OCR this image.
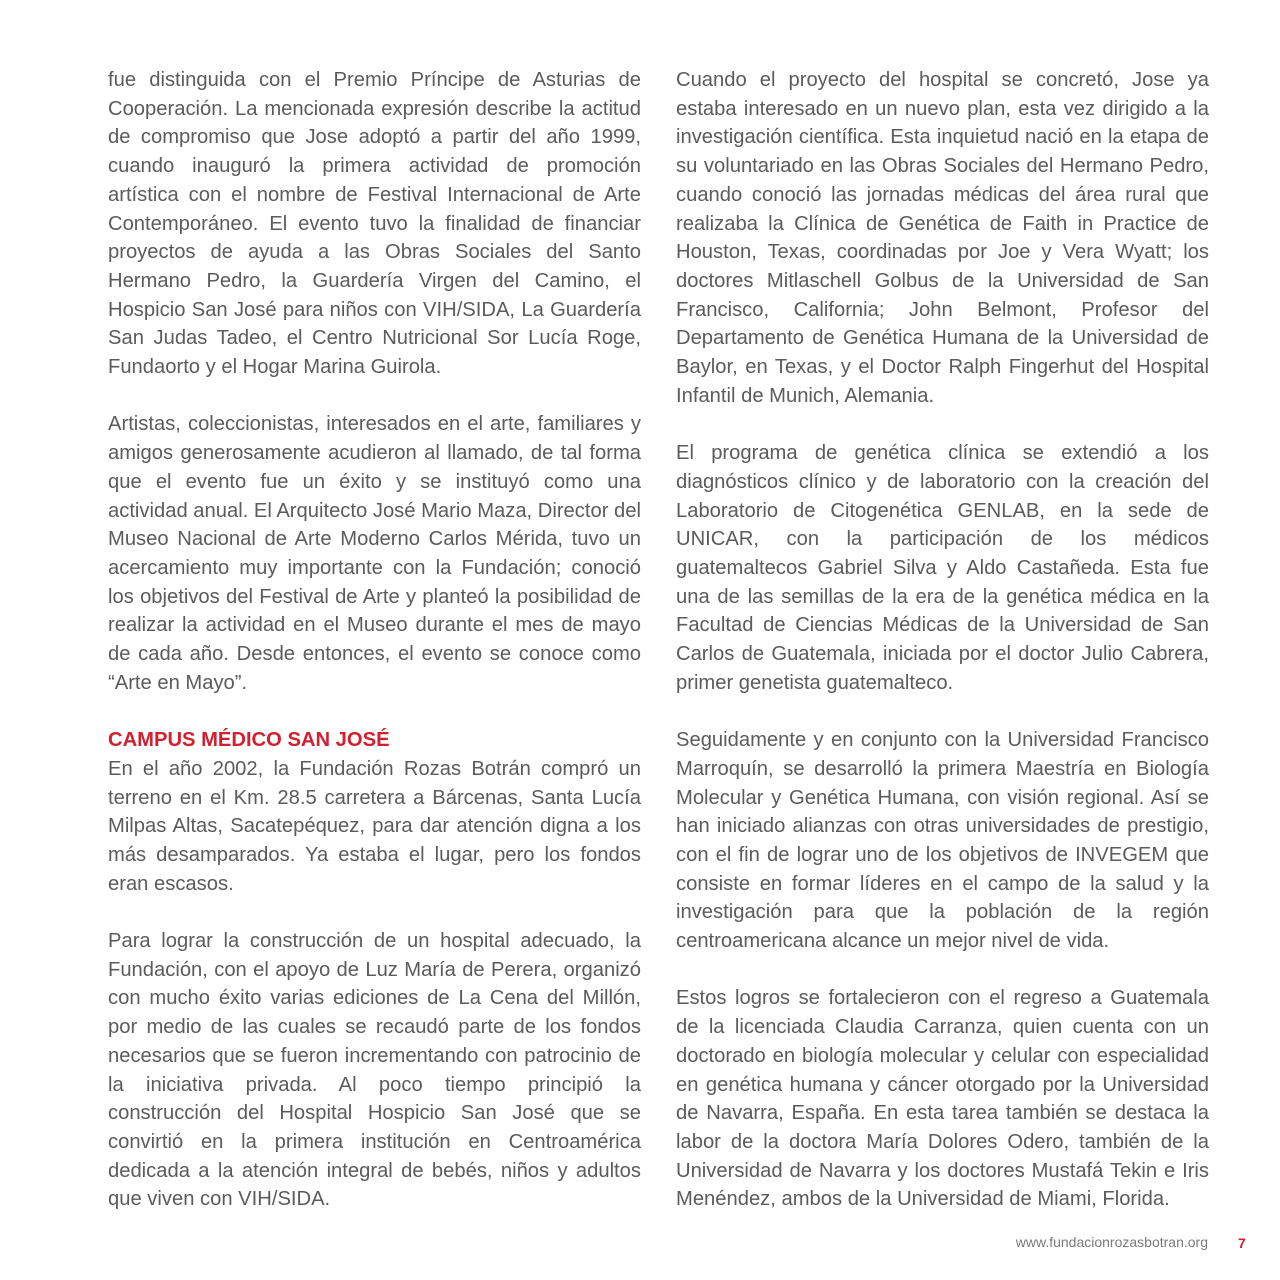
fue distinguida con el Premio Príncipe de Asturias de Cooperación. La mencionada expresión describe la actitud de compromiso que Jose adoptó a partir del año 1999, cuando inauguró la primera actividad de promoción artística con el nombre de Festival Internacional de Arte Contemporáneo. El evento tuvo la finalidad de financiar proyectos de ayuda a las Obras Sociales del Santo Hermano Pedro, la Guardería Virgen del Camino, el Hospicio San José para niños con VIH/SIDA, La Guardería San Judas Tadeo, el Centro Nutricional Sor Lucía Roge, Fundaorto y el Hogar Marina Guirola.

Artistas, coleccionistas, interesados en el arte, familiares y amigos generosamente acudieron al llamado, de tal forma que el evento fue un éxito y se instituyó como una actividad anual. El Arquitecto José Mario Maza, Director del Museo Nacional de Arte Moderno Carlos Mérida, tuvo un acercamiento muy importante con la Fundación; conoció los objetivos del Festival de Arte y planteó la posibilidad de realizar la actividad en el Museo durante el mes de mayo de cada año. Desde entonces, el evento se conoce como “Arte en Mayo”.

CAMPUS MÉDICO SAN JOSÉ

En el año 2002, la Fundación Rozas Botrán compró un terreno en el Km. 28.5 carretera a Bárcenas, Santa Lucía Milpas Altas, Sacatepéquez, para dar atención digna a los más desamparados. Ya estaba el lugar, pero los fondos eran escasos.

Para lograr la construcción de un hospital adecuado, la Fundación, con el apoyo de Luz María de Perera, organizó con mucho éxito varias ediciones de La Cena del Millón, por medio de las cuales se recaudó parte de los fondos necesarios que se fueron incrementando con patrocinio de la iniciativa privada. Al poco tiempo principió la construcción del Hospital Hospicio San José que se convirtió en la primera institución en Centroamérica dedicada a la atención integral de bebés, niños y adultos que viven con VIH/SIDA.

Cuando el proyecto del hospital se concretó, Jose ya estaba interesado en un nuevo plan, esta vez dirigido a la investigación científica. Esta inquietud nació en la etapa de su voluntariado en las Obras Sociales del Hermano Pedro, cuando conoció las jornadas médicas del área rural que realizaba la Clínica de Genética de Faith in Practice de Houston, Texas, coordinadas por Joe y Vera Wyatt; los doctores Mitlaschell Golbus de la Universidad de San Francisco, California; John Belmont, Profesor del Departamento de Genética Humana de la Universidad de Baylor, en Texas, y el Doctor Ralph Fingerhut del Hospital Infantil de Munich, Alemania.

El programa de genética clínica se extendió a los diagnósticos clínico y de laboratorio con la creación del Laboratorio de Citogenética GENLAB, en la sede de UNICAR, con la participación de los médicos guatemaltecos Gabriel Silva y Aldo Castañeda. Esta fue una de las semillas de la era de la genética médica en la Facultad de Ciencias Médicas de la Universidad de San Carlos de Guatemala, iniciada por el doctor Julio Cabrera, primer genetista guatemalteco.

Seguidamente y en conjunto con la Universidad Francisco Marroquín, se desarrolló la primera Maestría en Biología Molecular y Genética Humana, con visión regional. Así se han iniciado alianzas con otras universidades de prestigio, con el fin de lograr uno de los objetivos de INVEGEM que consiste en formar líderes en el campo de la salud y la investigación para que la población de la región centroamericana alcance un mejor nivel de vida.

Estos logros se fortalecieron con el regreso a Guatemala de la licenciada Claudia Carranza, quien cuenta con un doctorado en biología molecular y celular con especialidad en genética humana y cáncer otorgado por la Universidad de Navarra, España. En esta tarea también se destaca la labor de la doctora María Dolores Odero, también de la Universidad de Navarra y los doctores Mustafá Tekin e Iris Menéndez, ambos de la Universidad de Miami, Florida.

www.fundacionrozasbotran.org 7
